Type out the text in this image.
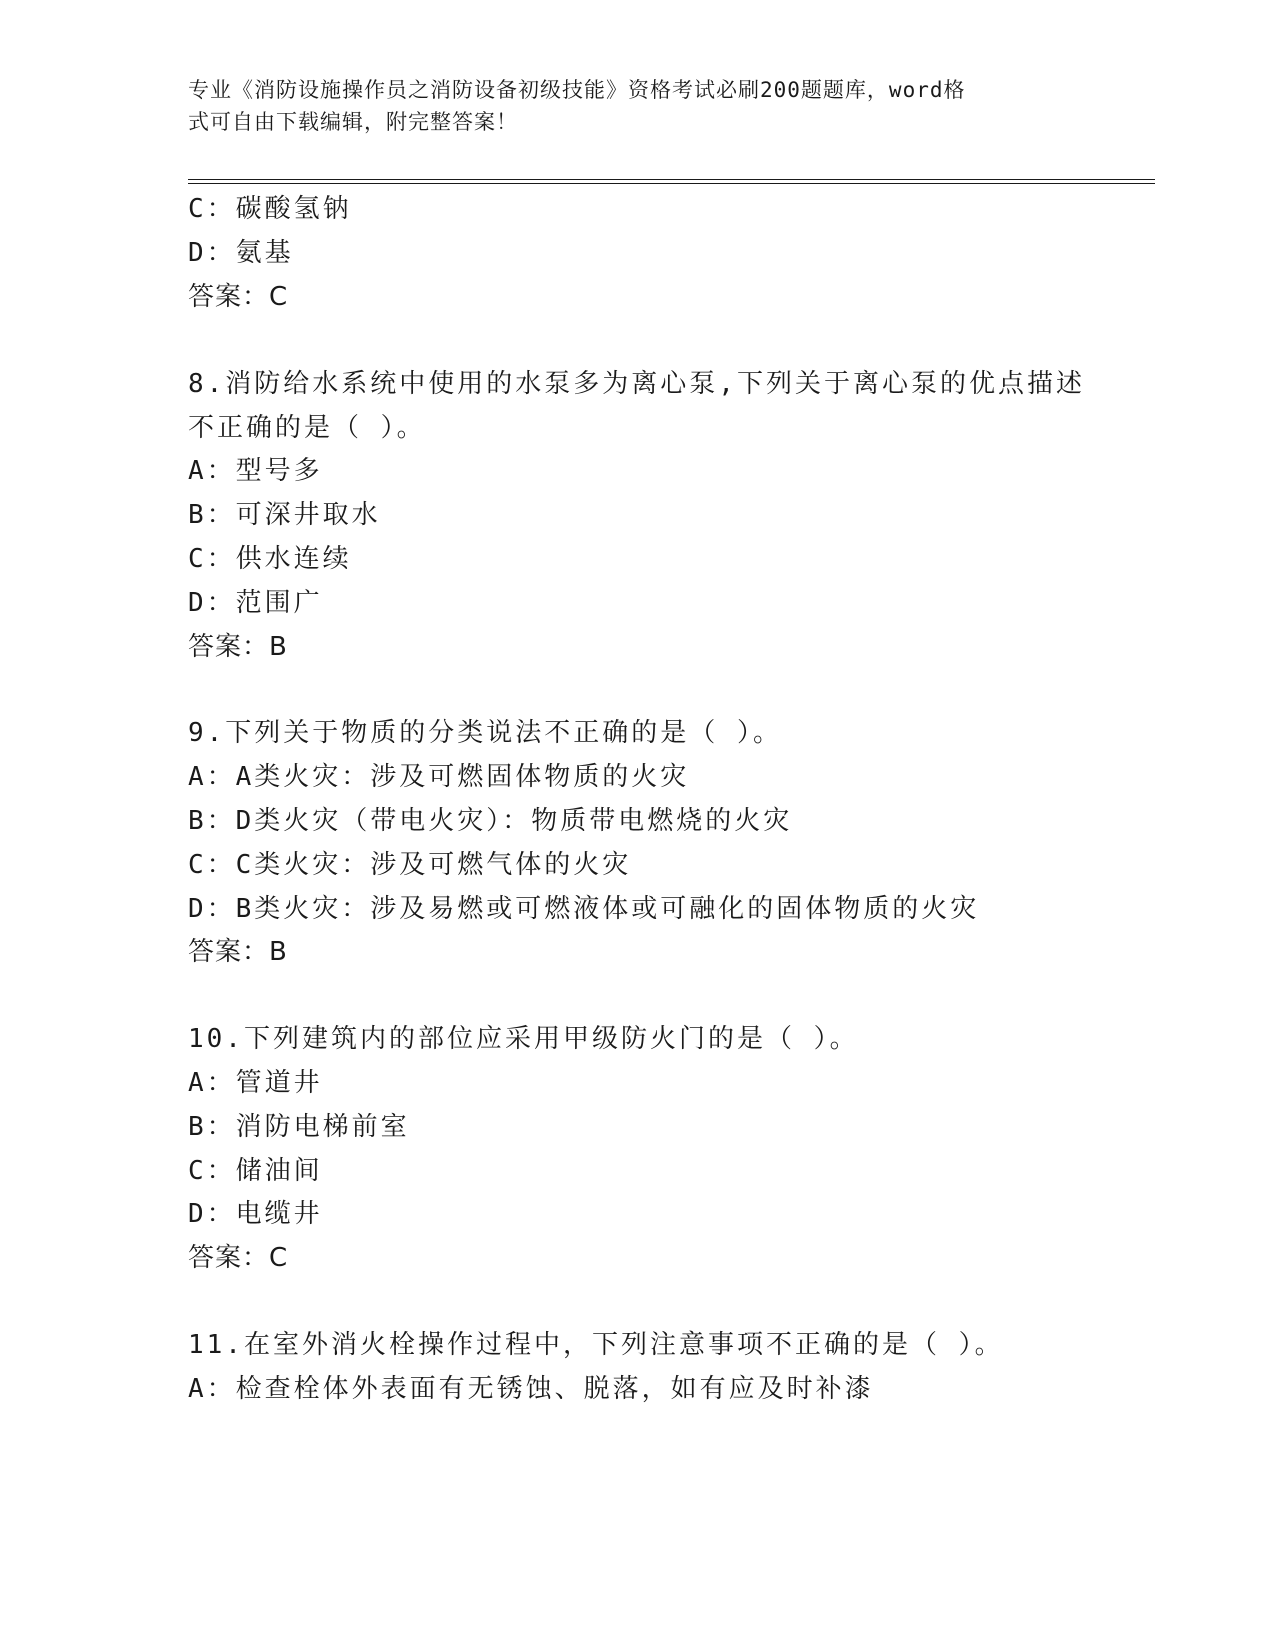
专业《消防设施操作员之消防设备初级技能》资格考试必刷200题题库，word格
式可自由下载编辑，附完整答案！
C：碳酸氢钠
D：氨基
答案：C
8.消防给水系统中使用的水泵多为离心泵,下列关于离心泵的优点描述
不正确的是（ ）。
A：型号多
B：可深井取水
C：供水连续
D：范围广
答案：B
9.下列关于物质的分类说法不正确的是（ ）。
A：A类火灾：涉及可燃固体物质的火灾
B：D类火灾（带电火灾）：物质带电燃烧的火灾
C：C类火灾：涉及可燃气体的火灾
D：B类火灾：涉及易燃或可燃液体或可融化的固体物质的火灾
答案：B
10.下列建筑内的部位应采用甲级防火门的是（ ）。
A：管道井
B：消防电梯前室
C：储油间
D：电缆井
答案：C
11.在室外消火栓操作过程中，下列注意事项不正确的是（ ）。
A：检查栓体外表面有无锈蚀、脱落，如有应及时补漆
